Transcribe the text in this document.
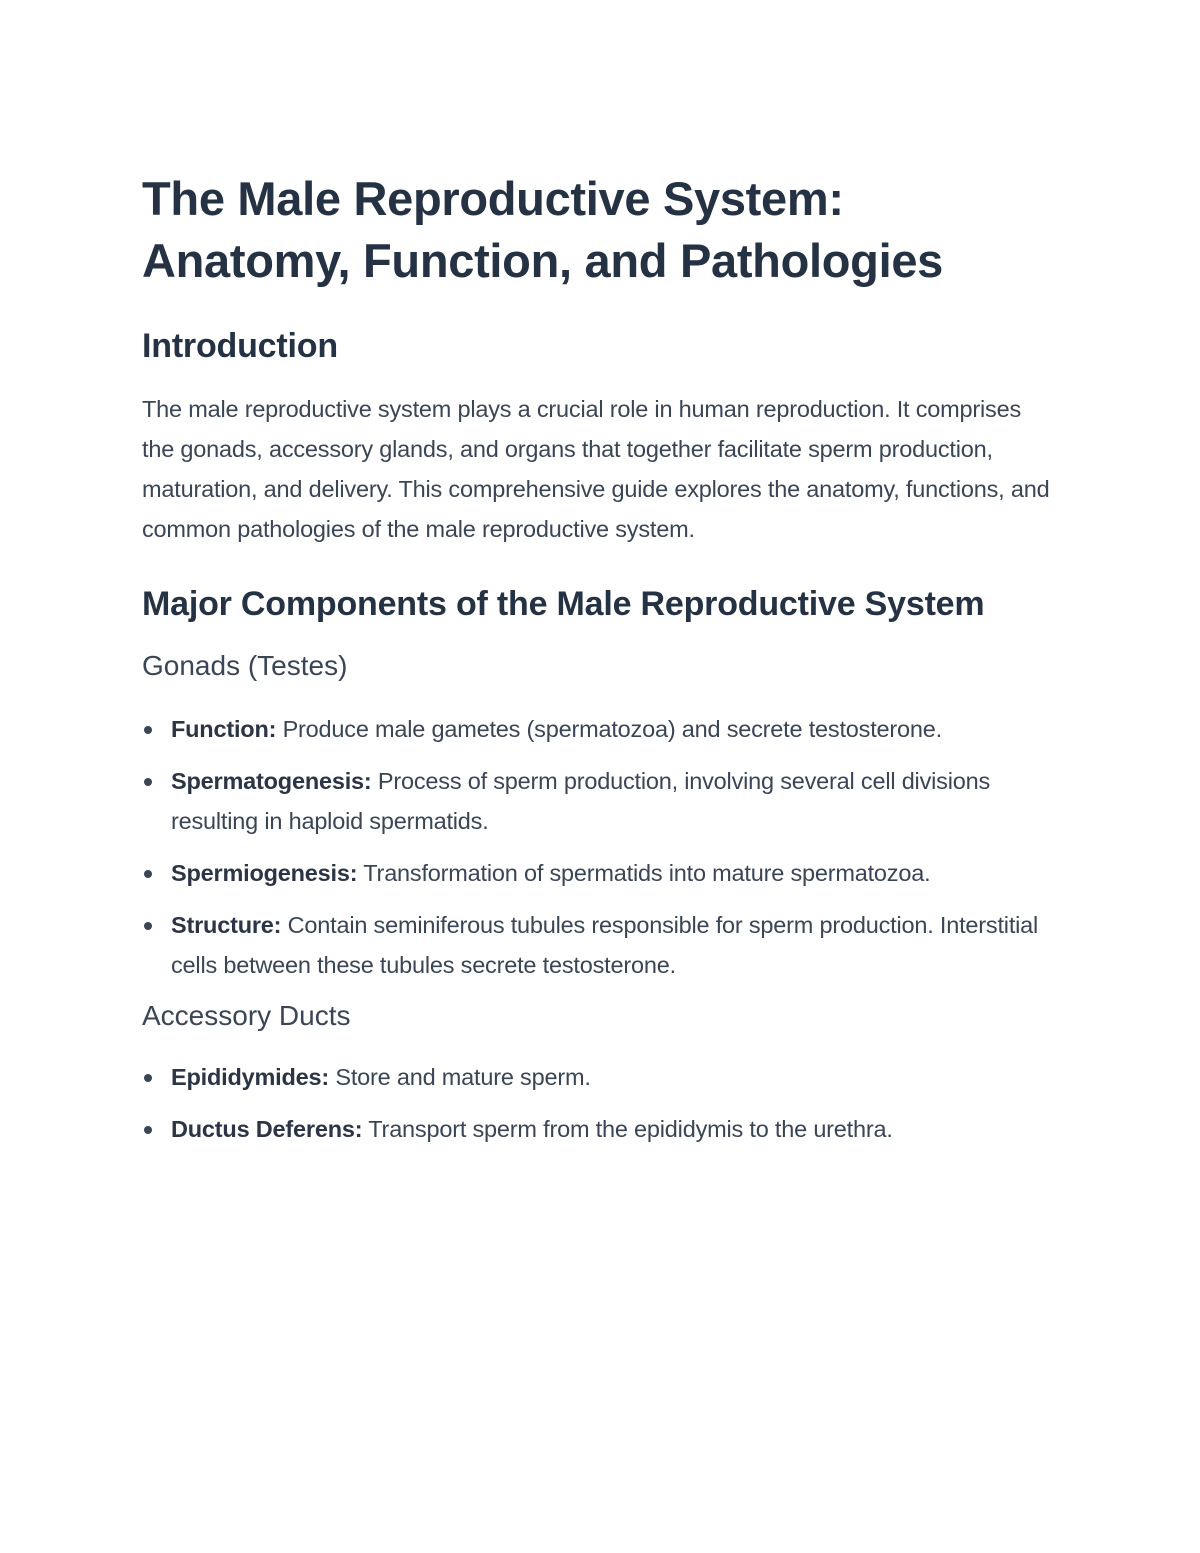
The Male Reproductive System:
Anatomy, Function, and Pathologies
Introduction

The male reproductive system plays a crucial role in human reproduction. It comprises the gonads, accessory glands, and organs that together facilitate sperm production, maturation, and delivery. This comprehensive guide explores the anatomy, functions, and common pathologies of the male reproductive system.

Major Components of the Male Reproductive System
Gonads (Testes)
Function: Produce male gametes (spermatozoa) and secrete testosterone.
Spermatogenesis: Process of sperm production, involving several cell divisions resulting in haploid spermatids.
Spermiogenesis: Transformation of spermatids into mature spermatozoa.
Structure: Contain seminiferous tubules responsible for sperm production. Interstitial cells between these tubules secrete testosterone.
Accessory Ducts
Epididymides: Store and mature sperm.
Ductus Deferens: Transport sperm from the epididymis to the urethra.
